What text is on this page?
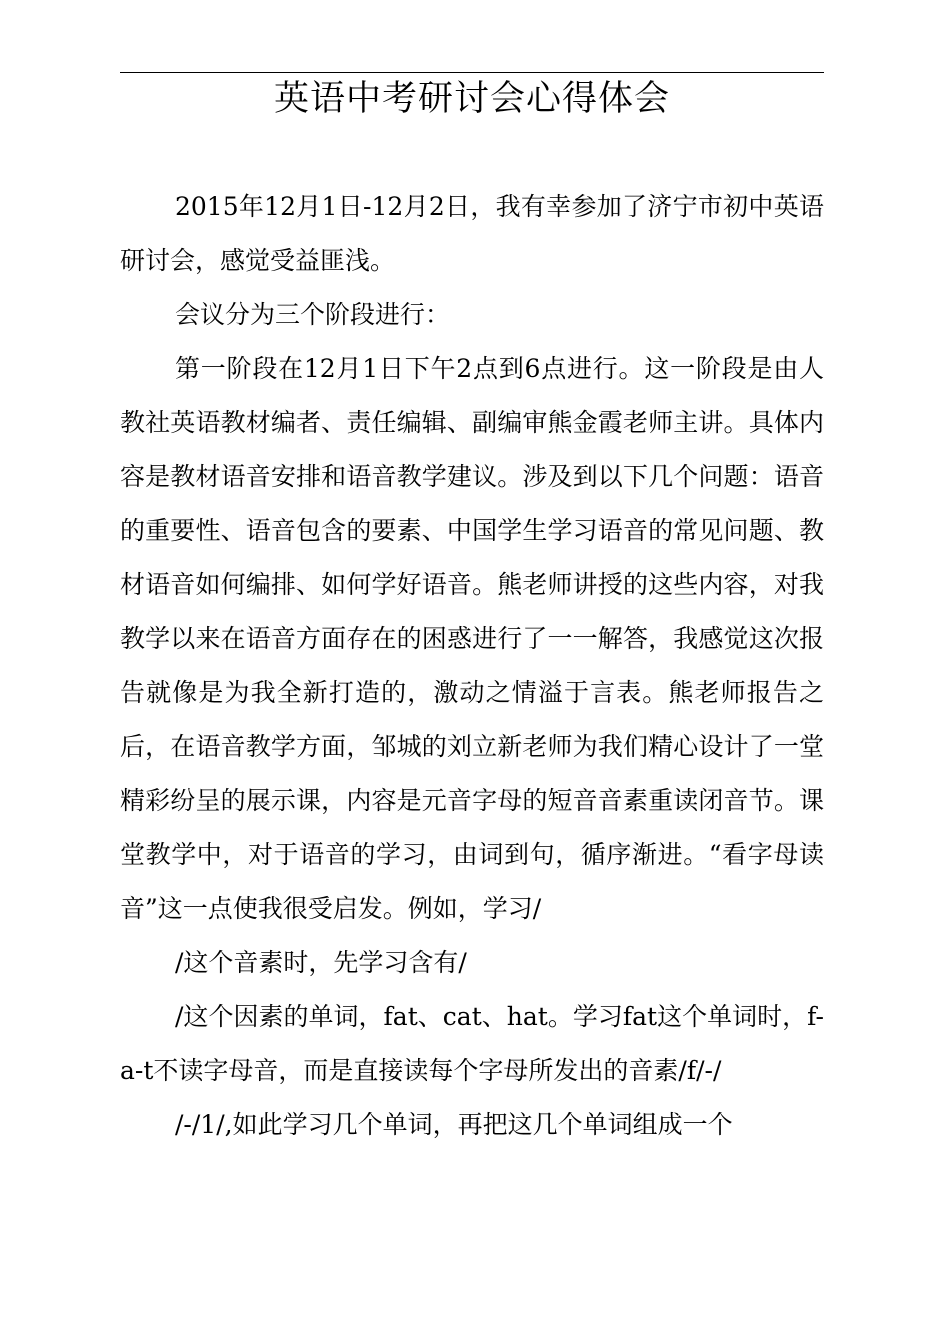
英语中考研讨会心得体会

2015年12月1日-12月2日，我有幸参加了济宁市初中英语研讨会，感觉受益匪浅。

会议分为三个阶段进行：

第一阶段在12月1日下午2点到6点进行。这一阶段是由人教社英语教材编者、责任编辑、副编审熊金霞老师主讲。具体内容是教材语音安排和语音教学建议。涉及到以下几个问题：语音的重要性、语音包含的要素、中国学生学习语音的常见问题、教材语音如何编排、如何学好语音。熊老师讲授的这些内容，对我教学以来在语音方面存在的困惑进行了一一解答，我感觉这次报告就像是为我全新打造的，激动之情溢于言表。熊老师报告之后，在语音教学方面，邹城的刘立新老师为我们精心设计了一堂精彩纷呈的展示课，内容是元音字母的短音音素重读闭音节。课堂教学中，对于语音的学习，由词到句，循序渐进。“看字母读音”这一点使我很受启发。例如，学习/

/这个音素时，先学习含有/

/这个因素的单词，fat、cat、hat。学习fat这个单词时，f-a-t不读字母音，而是直接读每个字母所发出的音素/f/-/

/-/1/,如此学习几个单词，再把这几个单词组成一个
